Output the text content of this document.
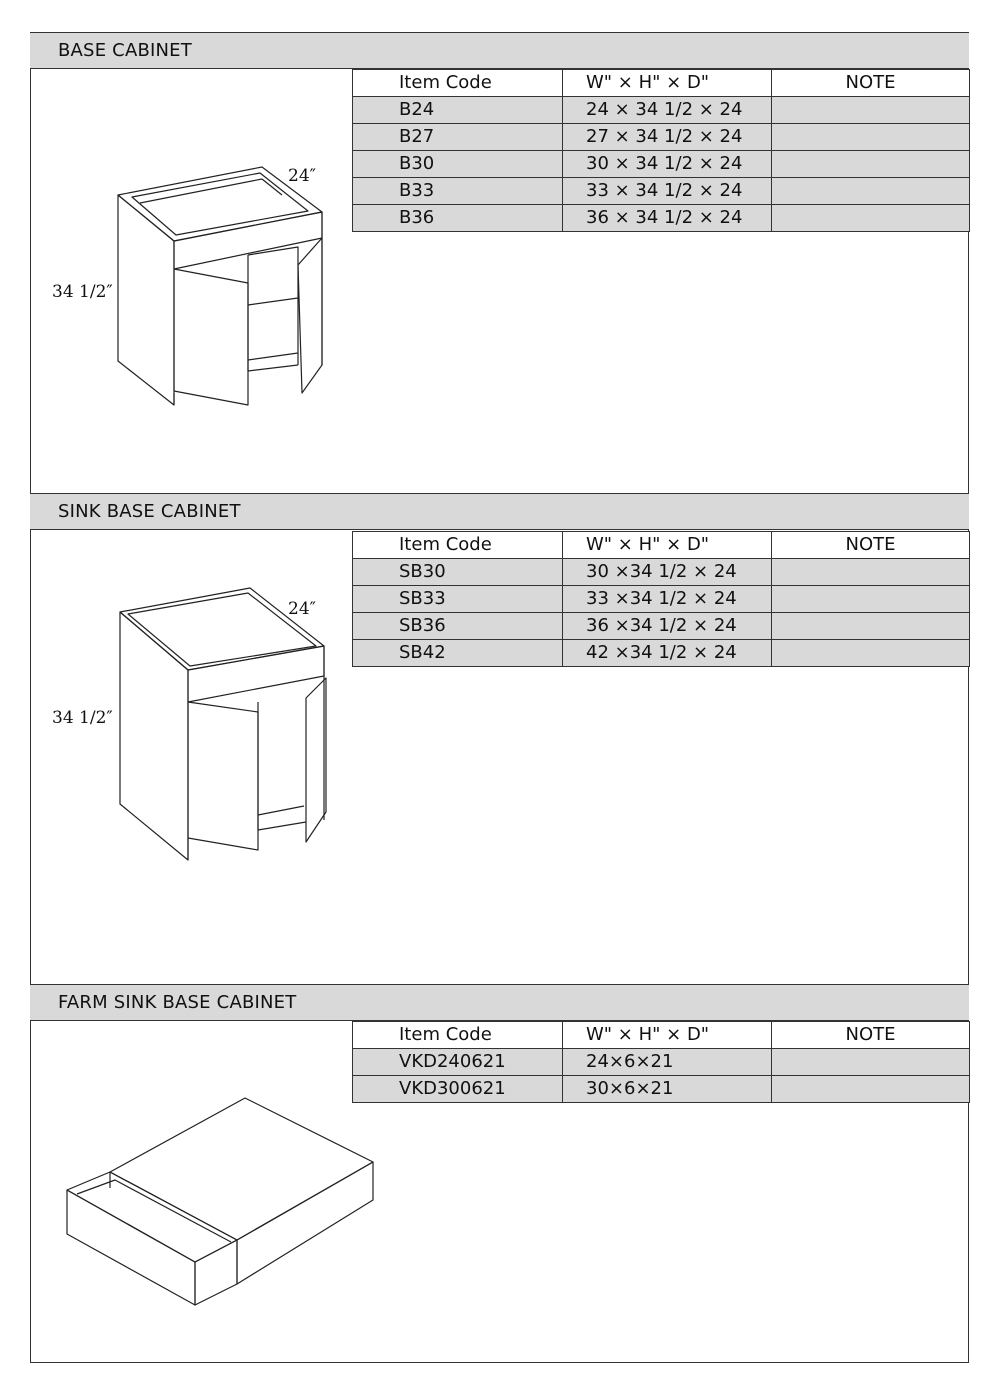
BASE CABINET
Item Code	W" × H" × D"	NOTE
B24	24 × 34 1/2 × 24	
B27	27 × 34 1/2 × 24	
B30	30 × 34 1/2 × 24	
B33	33 × 34 1/2 × 24	
B36	36 × 34 1/2 × 24	
24″
34 1/2″
SINK BASE CABINET
Item Code	W" × H" × D"	NOTE
SB30	30 ×34 1/2 × 24	
SB33	33 ×34 1/2 × 24	
SB36	36 ×34 1/2 × 24	
SB42	42 ×34 1/2 × 24	
24″
34 1/2″
FARM SINK BASE CABINET
Item Code	W" × H" × D"	NOTE
VKD240621	24×6×21	
VKD300621	30×6×21	
